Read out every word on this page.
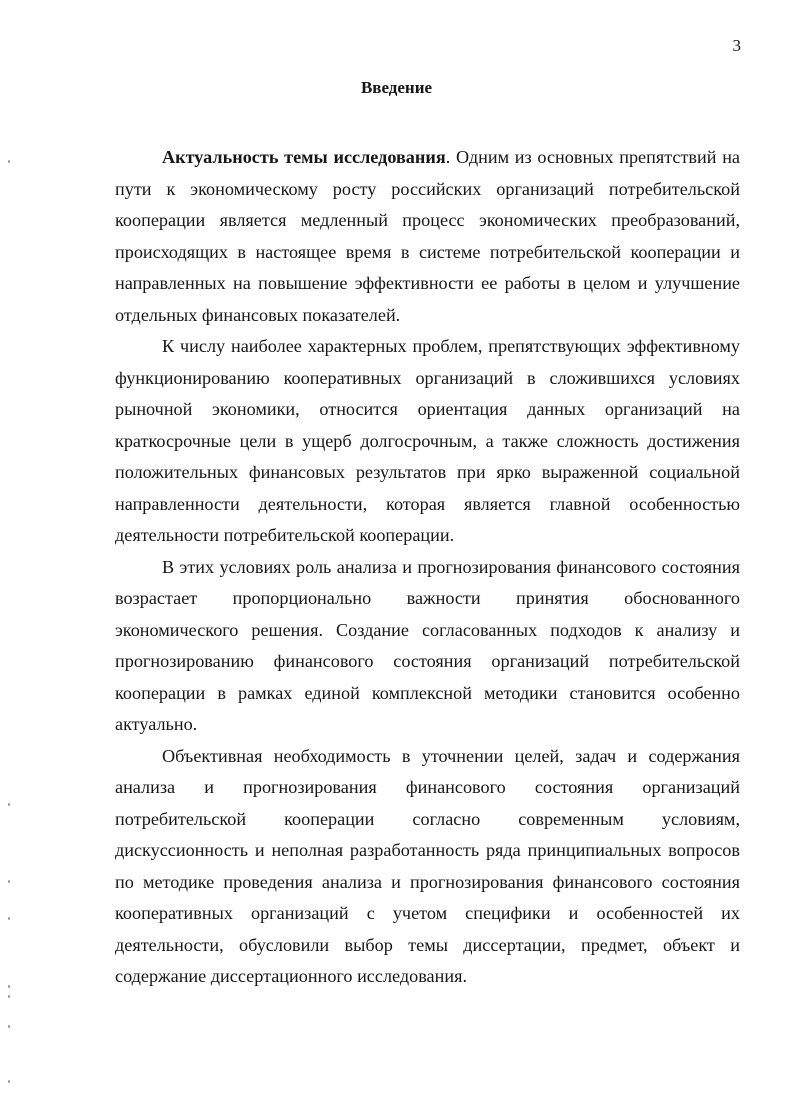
3
Введение

Актуальность темы исследования. Одним из основных препятствий на пути к экономическому росту российских организаций потребительской кооперации является медленный процесс экономических преобразований, происходящих в настоящее время в системе потребительской кооперации и направленных на повышение эффективности ее работы в целом и улучшение отдельных финансовых показателей.

К числу наиболее характерных проблем, препятствующих эффективному функционированию кооперативных организаций в сложившихся условиях рыночной экономики, относится ориентация данных организаций на краткосрочные цели в ущерб долгосрочным, а также сложность достижения положительных финансовых результатов при ярко выраженной социальной направленности деятельности, которая является главной особенностью деятельности потребительской кооперации.

В этих условиях роль анализа и прогнозирования финансового состояния возрастает пропорционально важности принятия обоснованного экономического решения. Создание согласованных подходов к анализу и прогнозированию финансового состояния организаций потребительской кооперации в рамках единой комплексной методики становится особенно актуально.

Объективная необходимость в уточнении целей, задач и содержания анализа и прогнозирования финансового состояния организаций потребительской кооперации согласно современным условиям, дискуссионность и неполная разработанность ряда принципиальных вопросов по методике проведения анализа и прогнозирования финансового состояния кооперативных организаций с учетом специфики и особенностей их деятельности, обусловили выбор темы диссертации, предмет, объект и содержание диссертационного исследования.
